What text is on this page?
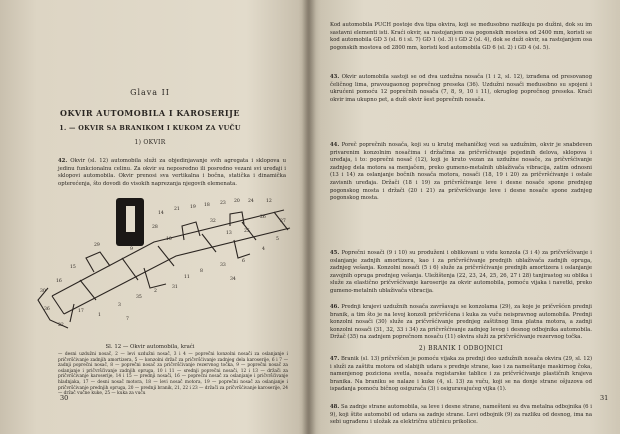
Glava II
OKVIR AUTOMOBILA I KAROSERIJE
1. — OKVIR SA BRANIKOM I KUKOM ZA VUČU
1) OKVIR

42. Okvir (sl. 12) automobila služi za objedinjavanje svih agregata i sklopova u jedinu funkcionalnu celinu. Za okvir su neposredno ili posredno vezani svi uređaji i sklopovi automobila. Okvir prenosi sva vertikalna i bočna, statička i dinamička opterećenja, što dovodi do visokih naprezanja njegovih elemenata.

14
21 19 18 23 20 24	12
28
29
32
26
27
15
9
10
16
30
13	25
5
4
11
17
33
6
1
3
35
2
8
22
36
31
7
34
Sl. 12 — Okvir automobila, kraći

— desni uzdužni nosač, 2 — levi uzdužni nosač, 3 i 4 — poprečni konzolni nosači za oslanjanje i pričvršćivanje zadnjih amortizera, 5 — konzolni držač za pričvršćivanje zadnjeg dela karoserije, 6 i 7 — zadnji poprečni nosač, 8 — poprečni nosač za pričvršćivanje rezervnog točka, 9 — poprečni nosač za oslanjanje i pričvršćivanje zadnjih opruga, 10 i 11 — srednji poprečni nosači, 12 i 13 — držači za pričvršćivanje karoserije, 14 i 15 — prednji nosači, 16 — poprečni nosač za oslanjanje i pričvršćivanje hladnjaka, 17 — desni nosač motora, 18 — levi nosač motora, 19 — poprečni nosač za oslanjanje i pričvršćivanje prednjih opruga, 20 — prednji branik, 21, 22 i 23 — držači za pričvršćivanje karoserije, 24 — držač vučne kuke, 25 — kuka za vuču

30

Kod automobila PUCH postoje dva tipa okvira, koji se međusobno razlikuju po dužini, dok su im sastavni elementi isti. Kraći okvir, sa rastojanjem osa pogonskih mostova od 2400 mm, koristi se kod automobila GD 3 (sl. 6 i sl. 7) GD 1 (sl. 3) i GD 2 (sl. 4), dok se duži okvir, sa rastojanjem osa pogonskih mostova od 2800 mm, koristi kod automobila GD 6 (sl. 2) i GD 4 (sl. 5).

43. Okvir automobila sastoji se od dva uzdužna nosača (1 i 2, sl. 12), izrađena od presovanog čeličnog lima, pravougaonog poprečnog preseka (36). Uzdužni nosači međusobno su spojeni i ukrućeni pomoću 12 poprečnih nosača (7, 8, 9, 10 i 11), okruglog poprečnog preseka. Kraći okvir ima ukupno pet, a duži okvir šest poprečnih nosača.

44. Poreč poprečnih nosača, koji su u krutoj mehaničkoj vezi sa uzdužnim, okvir je snabdeven privarenim konzolnim nosačima i držačima za pričvršćivanje pojedinih delova, sklopova i uređaja, i to: poprečni nosač (12), koji je kruto vezan za uzdužne nosače, za pričvršćivanje zadnjeg dela motora sa menjačem, preko gumeno-metalnih ublaživača vibracija, zatim odnosni (13 i 14) za oslanjanje bočnih nosača motora, nosači (18, 19 i 20) za pričvršćivanje i ostale zavisnih uređaja. Držači (18 i 19) za pričvršćivanje leve i desne nosače spone prednjeg pogonskog mosta i držači (20 i 21) za pričvršćivanje leve i desne nosače spone zadnjeg pogonskog mosta.

45. Poprečni nosači (9 i 10) su produženi i oblikovani u vidu konzola (3 i 4) za pričvršćivanje i oslanjanje zadnjih amortizera, kao i za pričvršćivanje prednjih ublaživača zadnjih opruga, zadnjeg vešanja. Konzolni nosači (5 i 6) služe za pričvršćivanje prednjih amortizera i oslanjanje zavojnih opruga prednjeg vešanja. Uležištenja (22, 23, 24, 25, 26, 27 i 28) tanjirastog su oblika i služe za elastično pričvršćivanje karoserije za okvir automobila, pomoću vijaka i navetki, preko gumeno-metalnih ublaživača vibracija.

46. Prednji krajevi uzdužnih nosača završavaju se konzolama (29), za koje je pričvršćen prednji branik, a tim što je na levoj konzoli pričvršćena i kuka za vuču neispravnog automobila. Prednji konzolni nosači (30) služe za pričvršćivanje prednjeg zaštitnog lima platna motora, a zadnji konzolni nosači (31, 32, 33 i 34) za pričvršćivanje zadnjeg levog i desnog odbojnika automobila. Držač (35) na zadnjem poprečnom nosaču (11) okvira služi za pričvršćivanje rezervnog točka.

2) BRANIK I ODBOJNICI

47. Branik (sl. 13) pričvršćen je pomoću vijaka za prednji deo uzdužnih nosača okvira (29, sl. 12) i služi za zaštitu motora od slabijih udara s prednje strane, kao i za nameštanje maskirnog čoka, namenjenog poziciona svetla, nosača registarske tablice i za pričvršćivanje plastičnih krajeva branika. Na braniku se nalaze i kuke (4, sl. 13) za vuču, koji se na donje strane ošjuzova od ispadanja pomoću bičnog osigurača (3) i osiguravajućeg vijka (1).

48. Sa zadnje strane automobila, sa leve i desne strane, namešteni su dva metalna odbojnika (6 i 9), koji štite automobil od udara sa zadnje strane. Levi odbojnik (9) za razliku od desnog, ima na sebi ugrađenu i uložak za električnu utičnicu prikolice.

31
